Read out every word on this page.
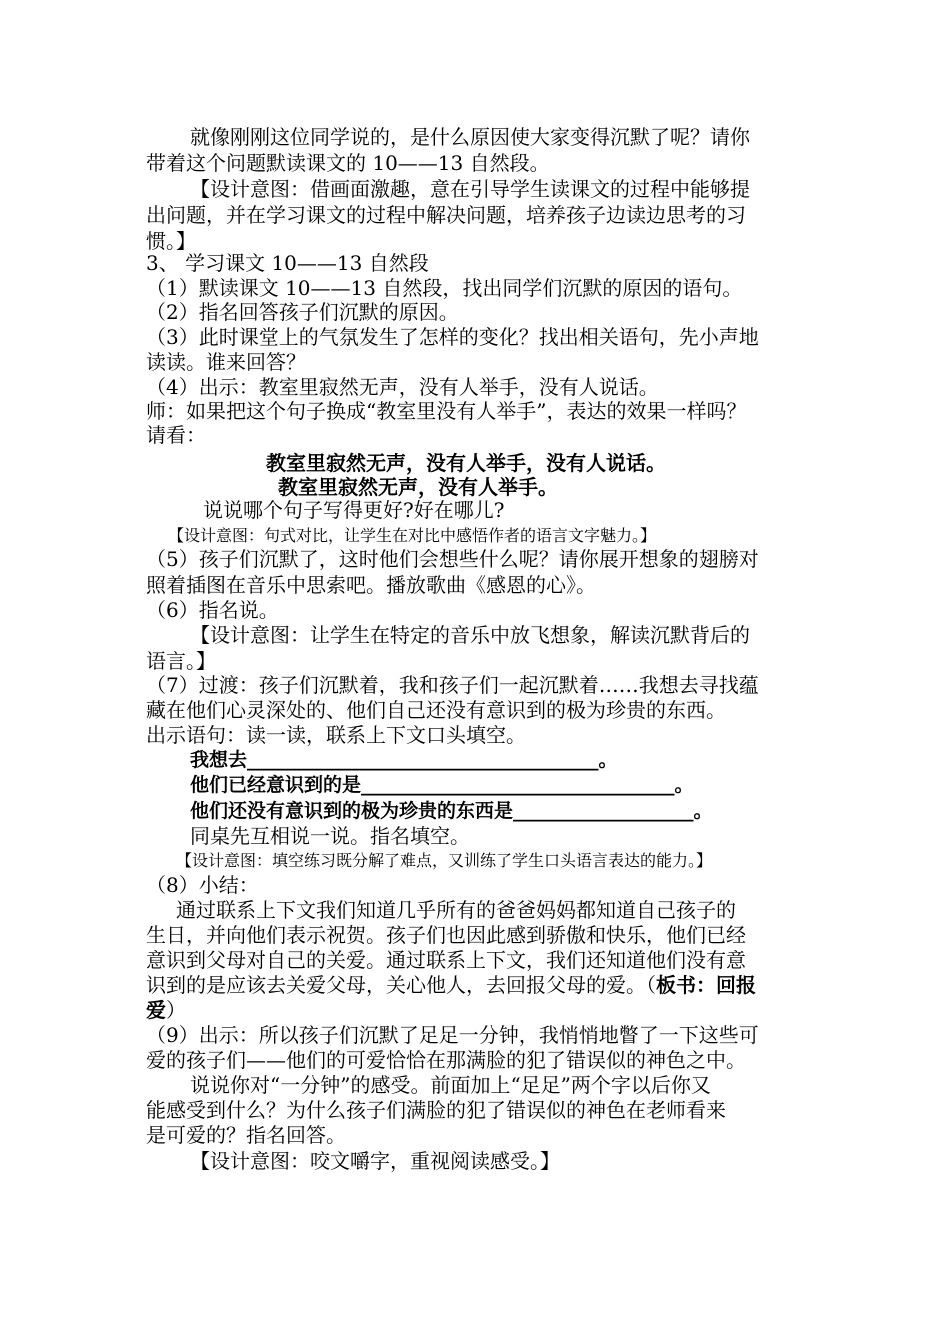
就像刚刚这位同学说的，是什么原因使大家变得沉默了呢？请你
带着这个问题默读课文的 10——13 自然段。
【设计意图：借画面激趣，意在引导学生读课文的过程中能够提
出问题，并在学习课文的过程中解决问题，培养孩子边读边思考的习
惯。】
3、 学习课文 10——13 自然段
（1）默读课文 10——13 自然段，找出同学们沉默的原因的语句。
（2）指名回答孩子们沉默的原因。
（3）此时课堂上的气氛发生了怎样的变化？找出相关语句，先小声地
读读。谁来回答？
（4）出示：教室里寂然无声，没有人举手，没有人说话。
师：如果把这个句子换成“教室里没有人举手”，表达的效果一样吗？
请看：
教室里寂然无声，没有人举手，没有人说话。
教室里寂然无声，没有人举手。
说说哪个句子写得更好?好在哪儿?
【设计意图：句式对比，让学生在对比中感悟作者的语言文字魅力。】
（5）孩子们沉默了，这时他们会想些什么呢？请你展开想象的翅膀对
照着插图在音乐中思索吧。播放歌曲《感恩的心》。
（6）指名说。
【设计意图：让学生在特定的音乐中放飞想象，解读沉默背后的
语言。】
（7）过渡：孩子们沉默着，我和孩子们一起沉默着……我想去寻找蕴
藏在他们心灵深处的、他们自己还没有意识到的极为珍贵的东西。
出示语句：读一读，联系上下文口头填空。
我想去_____________________________________。
他们已经意识到的是_________________________________。
他们还没有意识到的极为珍贵的东西是___________________。
同桌先互相说一说。指名填空。
【设计意图：填空练习既分解了难点，又训练了学生口头语言表达的能力。】
（8）小结：
通过联系上下文我们知道几乎所有的爸爸妈妈都知道自己孩子的
生日，并向他们表示祝贺。孩子们也因此感到骄傲和快乐，他们已经
意识到父母对自己的关爱。通过联系上下文，我们还知道他们没有意
识到的是应该去关爱父母，关心他人，去回报父母的爱。（板书：回报
爱）
（9）出示：所以孩子们沉默了足足一分钟，我悄悄地瞥了一下这些可
爱的孩子们——他们的可爱恰恰在那满脸的犯了错误似的神色之中。
说说你对“一分钟”的感受。前面加上“足足”两个字以后你又
能感受到什么？为什么孩子们满脸的犯了错误似的神色在老师看来
是可爱的？指名回答。
【设计意图：咬文嚼字，重视阅读感受。】
